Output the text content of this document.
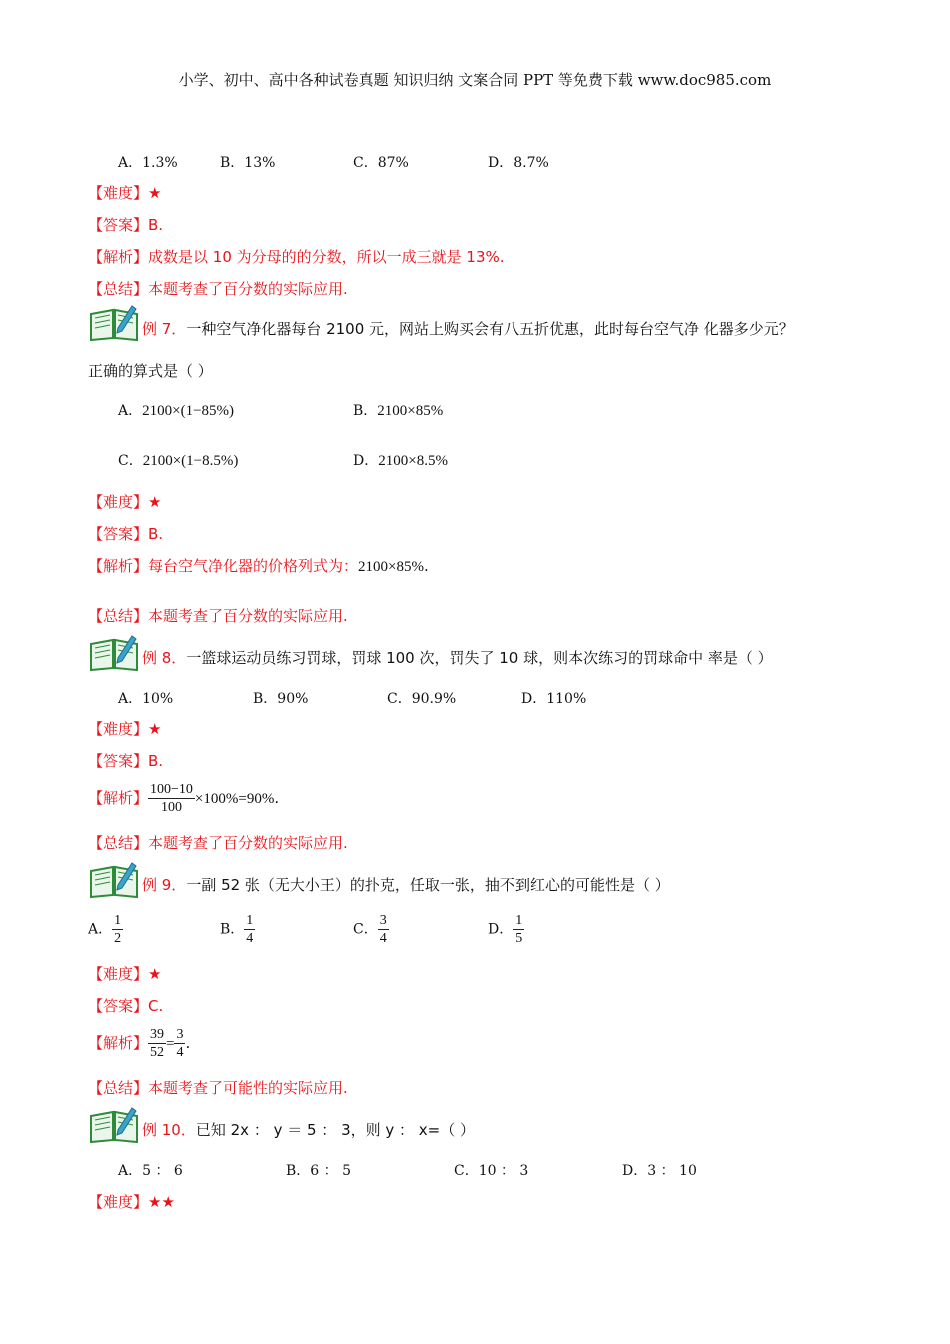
小学、初中、高中各种试卷真题 知识归纳 文案合同 PPT 等免费下载 www.doc985.com
A．1.3%	B．13%	C．87%	D．8.7%
【难度】★
【答案】B.
【解析】成数是以 10 为分母的的分数，所以一成三就是 13%.
【总结】本题考查了百分数的实际应用.
例 7．一种空气净化器每台 2100 元，网站上购买会有八五折优惠，此时每台空气净 化器多少元？
正确的算式是（ ）
A．2100×(1−85%)	B．2100×85%
C．2100×(1−8.5%)	D．2100×8.5%
【难度】★
【答案】B.
【解析】每台空气净化器的价格列式为：2100×85%.
【总结】本题考查了百分数的实际应用.
例 8．一篮球运动员练习罚球，罚球 100 次，罚失了 10 球，则本次练习的罚球命中 率是（ ）
A．10%	B．90%	C．90.9%	D．110%
【难度】★
【答案】B.
【解析】 $\frac{100-10}{100} \times 100\%=90\%$.
【总结】本题考查了百分数的实际应用.
例 9．一副 52 张（无大小王）的扑克，任取一张，抽不到红心的可能性是（ ）
A． $\frac{1}{2}$	B． $\frac{1}{4}$	C． $\frac{3}{4}$	D． $\frac{1}{5}$
【难度】★
【答案】C.
【解析】 $\frac{39}{52} = \frac{3}{4}$ .
【总结】本题考查了可能性的实际应用.
例 10．已知 2x ： y ＝ 5 ： 3，则 y ： x=（ ）
A．5 ： 6	B．6 ： 5	C．10 ： 3	D．3 ： 10
【难度】★★
